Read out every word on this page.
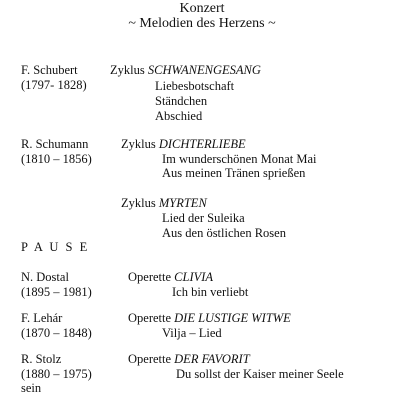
Konzert
~ Melodien des Herzens ~
F. Schubert	Zyklus SCHWANENGESANG
(1797- 1828)	Liebesbotschaft
Ständchen
Abschied
R. Schumann	Zyklus DICHTERLIEBE
(1810 – 1856)	Im wunderschönen Monat Mai
Aus meinen Tränen sprießen
Zyklus MYRTEN
Lied der Suleika
Aus den östlichen Rosen
P A U S E
N. Dostal	Operette CLIVIA
(1895 – 1981)	Ich bin verliebt
F. Lehár	Operette DIE LUSTIGE WITWE
(1870 – 1848)	Vilja – Lied
R. Stolz	Operette DER FAVORIT
(1880 – 1975)	Du sollst der Kaiser meiner Seele
sein
